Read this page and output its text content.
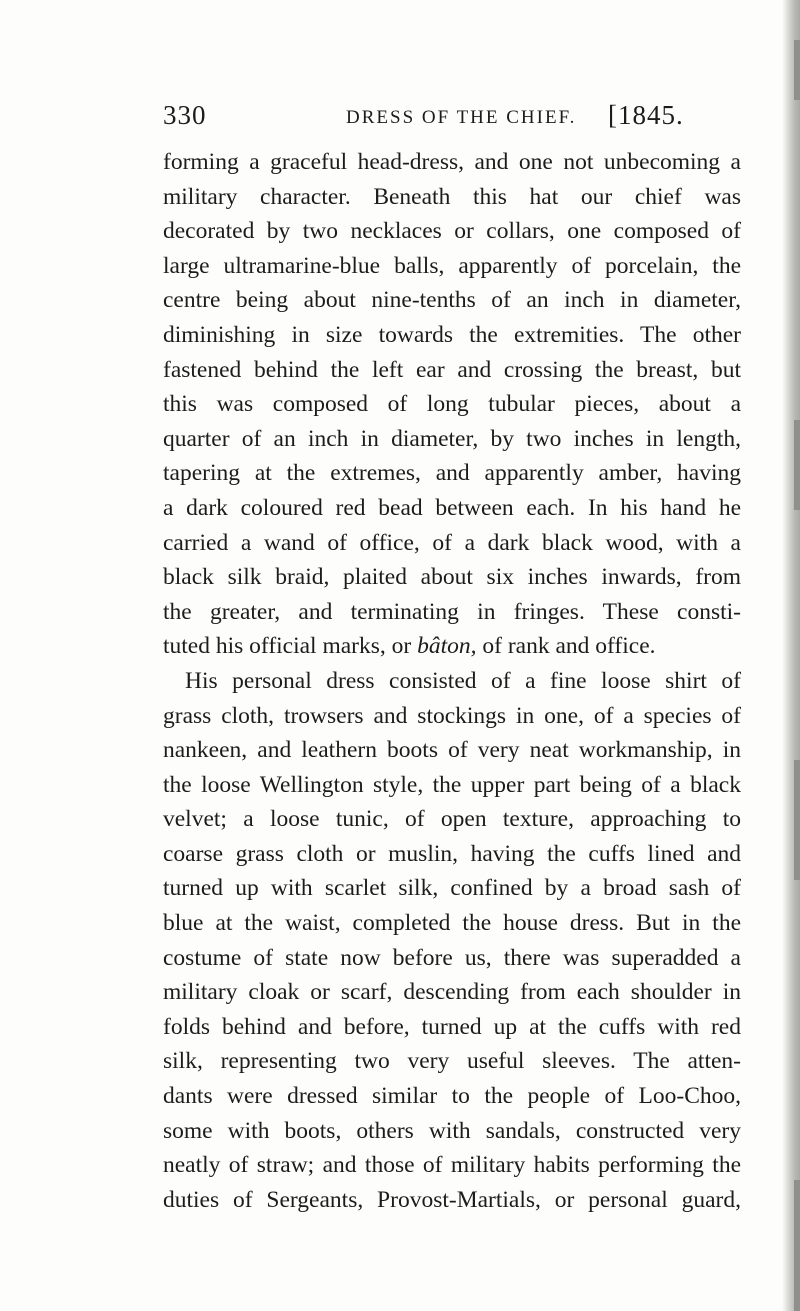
330	DRESS OF THE CHIEF. [1845.
forming a graceful head-dress, and one not unbecoming a
military character. Beneath this hat our chief was
decorated by two necklaces or collars, one composed of
large ultramarine-blue balls, apparently of porcelain, the
centre being about nine-tenths of an inch in diameter,
diminishing in size towards the extremities. The other
fastened behind the left ear and crossing the breast, but
this was composed of long tubular pieces, about a
quarter of an inch in diameter, by two inches in length,
tapering at the extremes, and apparently amber, having
a dark coloured red bead between each. In his hand he
carried a wand of office, of a dark black wood, with a
black silk braid, plaited about six inches inwards, from
the greater, and terminating in fringes. These consti-
tuted his official marks, or bâton, of rank and office.
His personal dress consisted of a fine loose shirt of
grass cloth, trowsers and stockings in one, of a species of
nankeen, and leathern boots of very neat workmanship, in
the loose Wellington style, the upper part being of a black
velvet; a loose tunic, of open texture, approaching to
coarse grass cloth or muslin, having the cuffs lined and
turned up with scarlet silk, confined by a broad sash of
blue at the waist, completed the house dress. But in the
costume of state now before us, there was superadded a
military cloak or scarf, descending from each shoulder in
folds behind and before, turned up at the cuffs with red
silk, representing two very useful sleeves. The atten-
dants were dressed similar to the people of Loo-Choo,
some with boots, others with sandals, constructed very
neatly of straw; and those of military habits performing the
duties of Sergeants, Provost-Martials, or personal guard,
